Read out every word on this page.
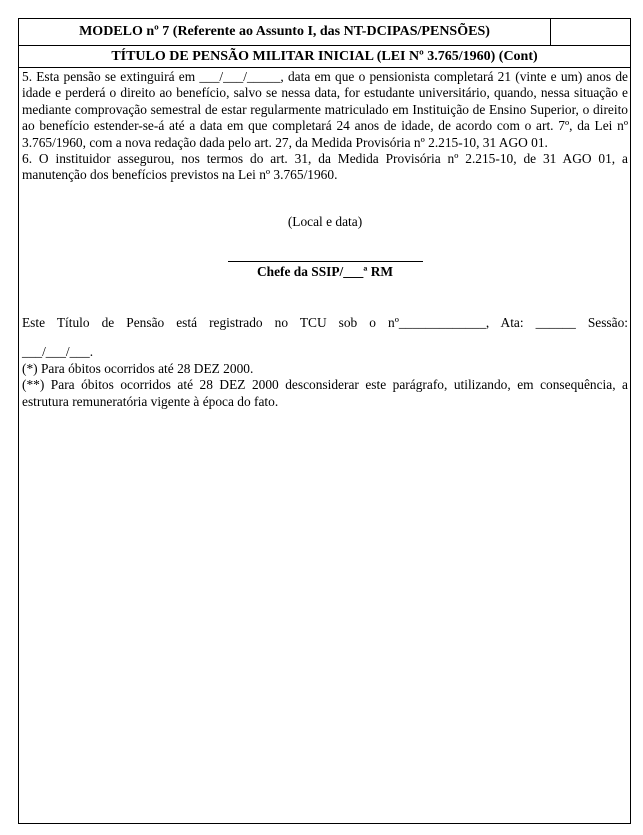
MODELO nº 7 (Referente ao Assunto I, das NT-DCIPAS/PENSÕES)
TÍTULO DE PENSÃO MILITAR INICIAL (LEI Nº 3.765/1960) (Cont)

5. Esta pensão se extinguirá em ___/___/_____, data em que o pensionista completará 21 (vinte e um) anos de idade e perderá o direito ao benefício, salvo se nessa data, for estudante universitário, quando, nessa situação e mediante comprovação semestral de estar regularmente matriculado em Instituição de Ensino Superior, o direito ao benefício estender-se-á até a data em que completará 24 anos de idade, de acordo com o art. 7º, da Lei nº 3.765/1960, com a nova redação dada pelo art. 27, da Medida Provisória nº 2.215-10, 31 AGO 01.

6. O instituidor assegurou, nos termos do art. 31, da Medida Provisória nº 2.215-10, de 31 AGO 01, a manutenção dos benefícios previstos na Lei nº 3.765/1960.

(Local e data)

Chefe da SSIP/___ª RM

Este Título de Pensão está registrado no TCU sob o nº_____________, Ata: ______ Sessão:

___/___/___.

(*) Para óbitos ocorridos até 28 DEZ 2000.

(**) Para óbitos ocorridos até 28 DEZ 2000 desconsiderar este parágrafo, utilizando, em consequência, a estrutura remuneratória vigente à época do fato.
